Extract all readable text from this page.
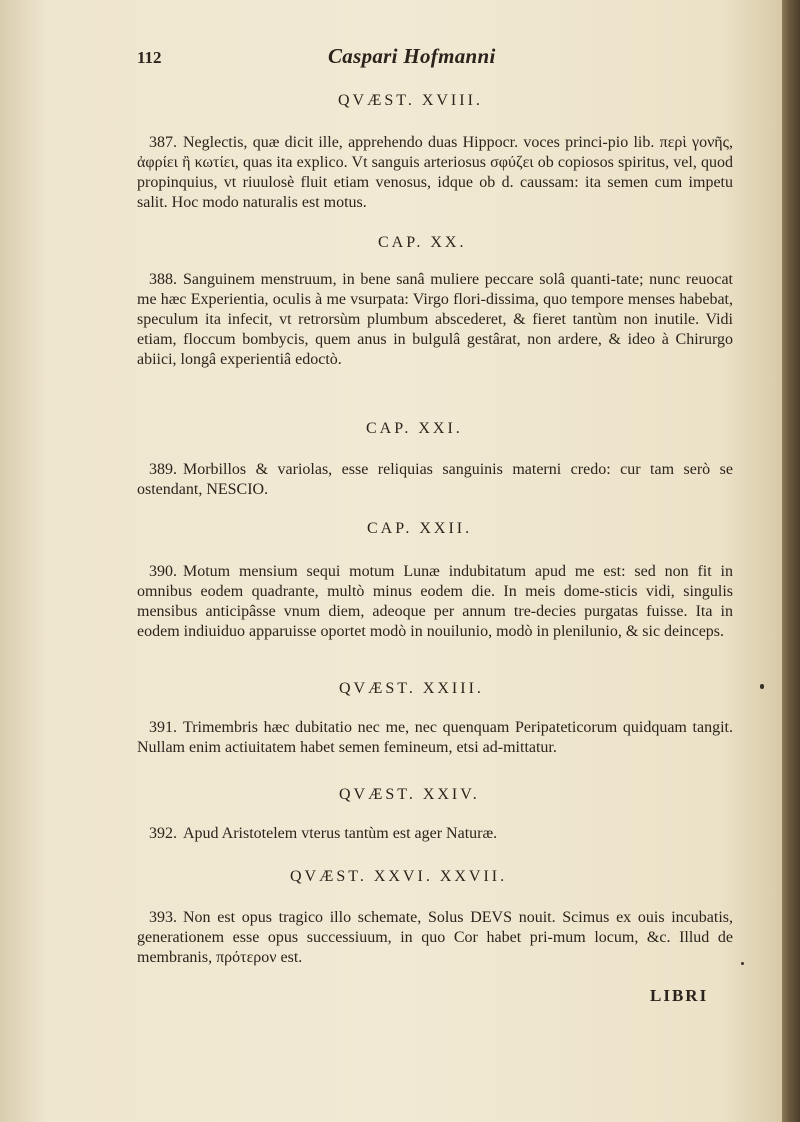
112	Caspari Hofmanni
QVÆST. XVIII.
387. Neglectis, quæ dicit ille, apprehendo duas Hippocr. voces princi-pio lib. περὶ γονῆς, ἀφρίει ἢ κωτίει, quas ita explico. Vt sanguis arteriosus σφύζει ob copiosos spiritus, vel, quod propinquius, vt riuulosè fluit etiam venosus, idque ob d. caussam: ita semen cum impetu salit. Hoc modo naturalis est motus.
CAP. XX.
388. Sanguinem menstruum, in bene sanâ muliere peccare solâ quanti-tate; nunc reuocat me hæc Experientia, oculis à me vsurpata: Virgo flori-dissima, quo tempore menses habebat, speculum ita infecit, vt retrorsùm plumbum abscederet, & fieret tantùm non inutile. Vidi etiam, floccum bombycis, quem anus in bulgulâ gestârat, non ardere, & ideo à Chirurgo abiici, longâ experientiâ edoctò.
CAP. XXI.
389. Morbillos & variolas, esse reliquias sanguinis materni credo: cur tam serò se ostendant, NESCIO.
CAP. XXII.
390. Motum mensium sequi motum Lunæ indubitatum apud me est: sed non fit in omnibus eodem quadrante, multò minus eodem die. In meis dome-sticis vidi, singulis mensibus anticipâsse vnum diem, adeoque per annum tre-decies purgatas fuisse. Ita in eodem indiuiduo apparuisse oportet modò in nouilunio, modò in plenilunio, & sic deinceps.
QVÆST. XXIII.
391. Trimembris hæc dubitatio nec me, nec quenquam Peripateticorum quidquam tangit. Nullam enim actiuitatem habet semen femineum, etsi ad-mittatur.
QVÆST. XXIV.
392. Apud Aristotelem vterus tantùm est ager Naturæ.
QVÆST. XXVI. XXVII.
393. Non est opus tragico illo schemate, Solus DEVS nouit. Scimus ex ouis incubatis, generationem esse opus successiuum, in quo Cor habet pri-mum locum, &c. Illud de membranis, πρότερον est.
LIBRI
